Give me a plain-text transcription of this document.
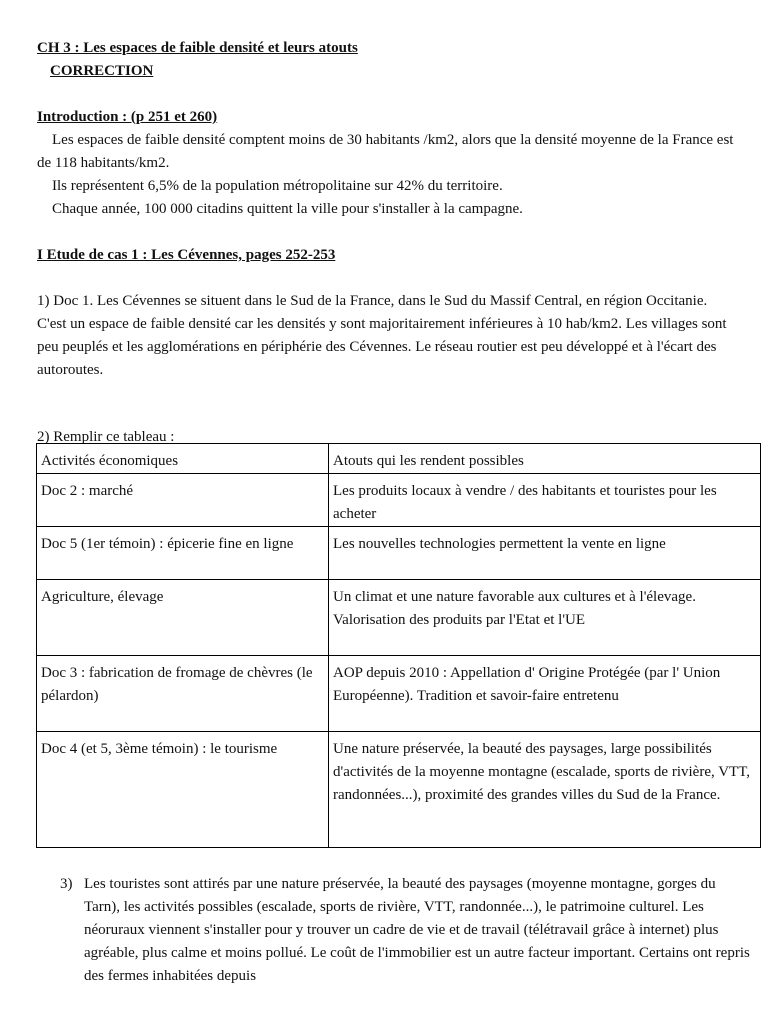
CH 3 : Les espaces de faible densité et leurs atouts

CORRECTION

Introduction : (p 251 et 260)

Les espaces de faible densité comptent moins de 30 habitants /km2, alors que la densité moyenne de la France est de 118 habitants/km2.

Ils représentent 6,5% de la population métropolitaine sur 42% du territoire.

Chaque année, 100 000 citadins quittent la ville pour s'installer à la campagne.

I Etude de cas 1 : Les Cévennes, pages 252-253

1) Doc 1. Les Cévennes se situent dans le Sud de la France, dans le Sud du Massif Central, en région Occitanie. C'est un espace de faible densité car les densités y sont majoritairement inférieures à 10 hab/km2. Les villages sont peu peuplés et les agglomérations en périphérie des Cévennes. Le réseau routier est peu développé et à l'écart des autoroutes.

2) Remplir ce tableau :

Activités économiques	Atouts qui les rendent possibles
Doc 2 : marché	Les produits locaux à vendre / des habitants et touristes pour les acheter
Doc 5 (1er témoin) : épicerie fine en ligne	Les nouvelles technologies permettent la vente en ligne
Agriculture, élevage	Un climat et une nature favorable aux cultures et à l'élevage.
Valorisation des produits par l'Etat et l'UE

Doc 3 : fabrication de fromage de chèvres (le pélardon)	AOP depuis 2010 : Appellation d' Origine Protégée (par l' Union Européenne). Tradition et savoir-faire entretenu
Doc 4 (et 5, 3ème témoin) : le tourisme	Une nature préservée, la beauté des paysages, large possibilités d'activités de la moyenne montagne (escalade, sports de rivière, VTT, randonnées...), proximité des grandes villes du Sud de la France.
3) Les touristes sont attirés par une nature préservée, la beauté des paysages (moyenne montagne, gorges du Tarn), les activités possibles (escalade, sports de rivière, VTT, randonnée...), le patrimoine culturel. Les néoruraux viennent s'installer pour y trouver un cadre de vie et de travail (télétravail grâce à internet) plus agréable, plus calme et moins pollué. Le coût de l'immobilier est un autre facteur important. Certains ont repris des fermes inhabitées depuis
